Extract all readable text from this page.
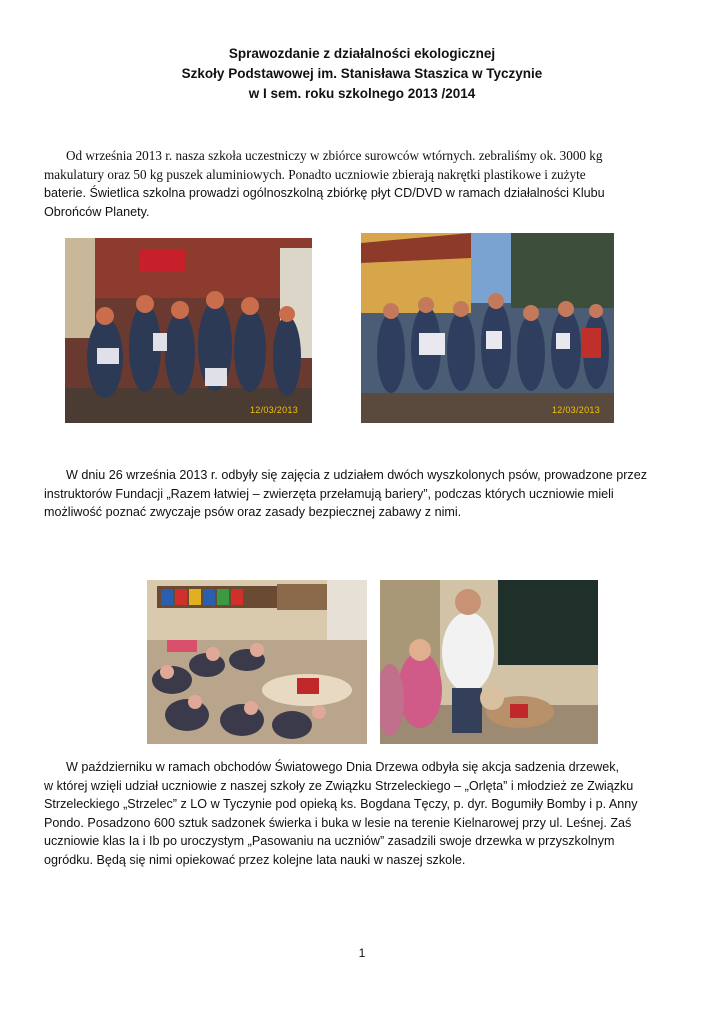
Sprawozdanie z działalności ekologicznej
Szkoły Podstawowej im. Stanisława Staszica w Tyczynie
w I sem. roku szkolnego 2013 /2014
Od września 2013 r. nasza szkoła uczestniczy w zbiórce surowców wtórnych. zebraliśmy ok. 3000 kg
makulatury oraz 50 kg puszek aluminiowych. Ponadto uczniowie zbierają nakrętki plastikowe i zużyte
baterie. Świetlica szkolna prowadzi ogólnoszkolną zbiórkę płyt CD/DVD w ramach działalności Klubu
Obrońców Planety.
12/03/2013	12/03/2013
W dniu 26 września 2013 r. odbyły się zajęcia z udziałem dwóch wyszkolonych psów, prowadzone przez
instruktorów Fundacji „Razem łatwiej – zwierzęta przełamują bariery”, podczas których uczniowie mieli
możliwość poznać zwyczaje psów oraz zasady bezpiecznej zabawy z nimi.
W październiku w ramach obchodów Światowego Dnia Drzewa odbyła się akcja sadzenia drzewek,
w której wzięli udział uczniowie z naszej szkoły ze Związku Strzeleckiego – „Orlęta” i młodzież ze Związku
Strzeleckiego „Strzelec” z LO w Tyczynie pod opieką ks. Bogdana Tęczy, p. dyr. Bogumiły Bomby i p. Anny
Pondo. Posadzono 600 sztuk sadzonek świerka i buka w lesie na terenie Kielnarowej przy ul. Leśnej. Zaś
uczniowie klas Ia i Ib po uroczystym „Pasowaniu na uczniów” zasadzili swoje drzewka w przyszkolnym
ogródku. Będą się nimi opiekować przez kolejne lata nauki w naszej szkole.
1
